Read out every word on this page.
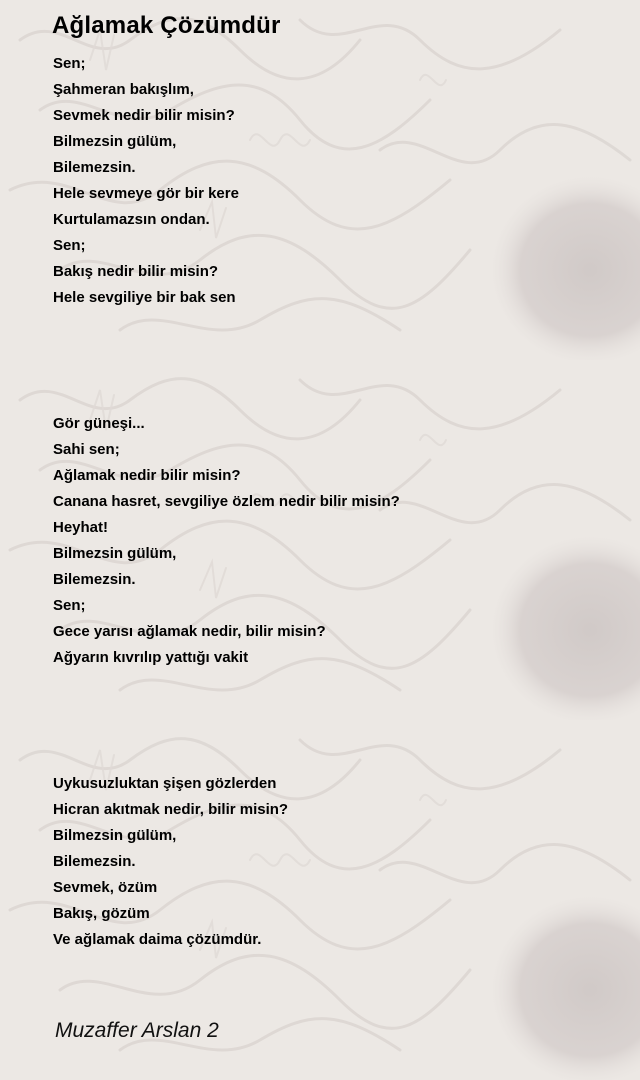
Ağlamak Çözümdür
Sen;
Şahmeran bakışlım,
Sevmek nedir bilir misin?
Bilmezsin gülüm,
Bilemezsin.
Hele sevmeye gör bir kere
Kurtulamazsın ondan.
Sen;
Bakış nedir bilir misin?
Hele sevgiliye bir bak sen
Gör güneşi...
Sahi sen;
Ağlamak nedir bilir misin?
Canana hasret, sevgiliye özlem nedir bilir misin?
Heyhat!
Bilmezsin gülüm,
Bilemezsin.
Sen;
Gece yarısı ağlamak nedir, bilir misin?
Ağyarın kıvrılıp yattığı vakit
Uykusuzluktan şişen gözlerden
Hicran akıtmak nedir, bilir misin?
Bilmezsin gülüm,
Bilemezsin.
Sevmek, özüm
Bakış, gözüm
Ve ağlamak daima çözümdür.
Muzaffer Arslan 2
